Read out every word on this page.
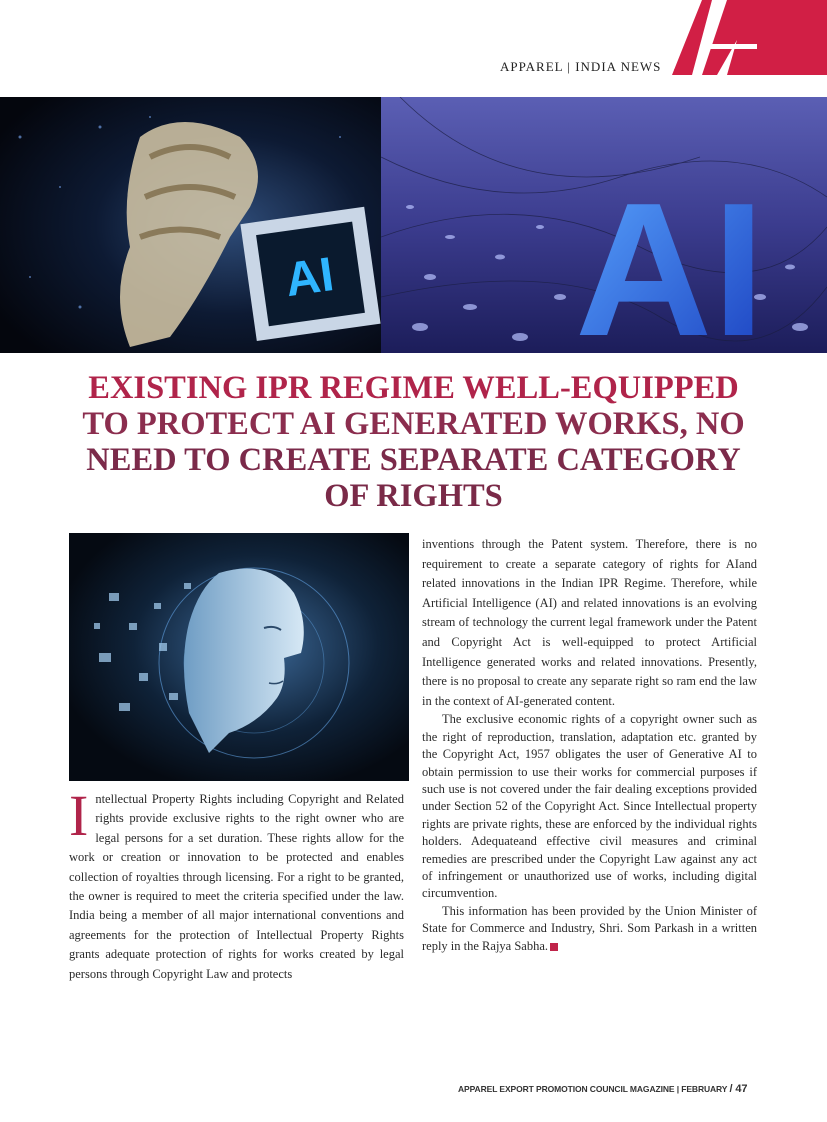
APPAREL | INDIA NEWS	A
AI AI
EXISTING IPR REGIME WELL-EQUIPPED
TO PROTECT AI GENERATED WORKS, NO
NEED TO CREATE SEPARATE CATEGORY
OF RIGHTS

Intellectual Property Rights including Copyright and Related rights provide exclusive rights to the right owner who are legal persons for a set duration. These rights allow for the work or creation or innovation to be protected and enables collection of royalties through licensing. For a right to be granted, the owner is required to meet the criteria specified under the law. India being a member of all major international conventions and agreements for the protection of Intellectual Property Rights grants adequate protection of rights for works created by legal persons through Copyright Law and protects

inventions through the Patent system. Therefore, there is no requirement to create a separate category of rights for AIand related innovations in the Indian IPR Regime. Therefore, while Artificial Intelligence (AI) and related innovations is an evolving stream of technology the current legal framework under the Patent and Copyright Act is well-equipped to protect Artificial Intelligence generated works and related innovations. Presently, there is no proposal to create any separate right so ram end the law in the context of AI-generated content.

The exclusive economic rights of a copyright owner such as the right of reproduction, translation, adaptation etc. granted by the Copyright Act, 1957 obligates the user of Generative AI to obtain permission to use their works for commercial purposes if such use is not covered under the fair dealing exceptions provided under Section 52 of the Copyright Act. Since Intellectual property rights are private rights, these are enforced by the individual rights holders. Adequateand effective civil measures and criminal remedies are prescribed under the Copyright Law against any act of infringement or unauthorized use of works, including digital circumvention.

This information has been provided by the Union Minister of State for Commerce and Industry, Shri. Som Parkash in a written reply in the Rajya Sabha.

APPAREL EXPORT PROMOTION COUNCIL MAGAZINE | FEBRUARY / 47
